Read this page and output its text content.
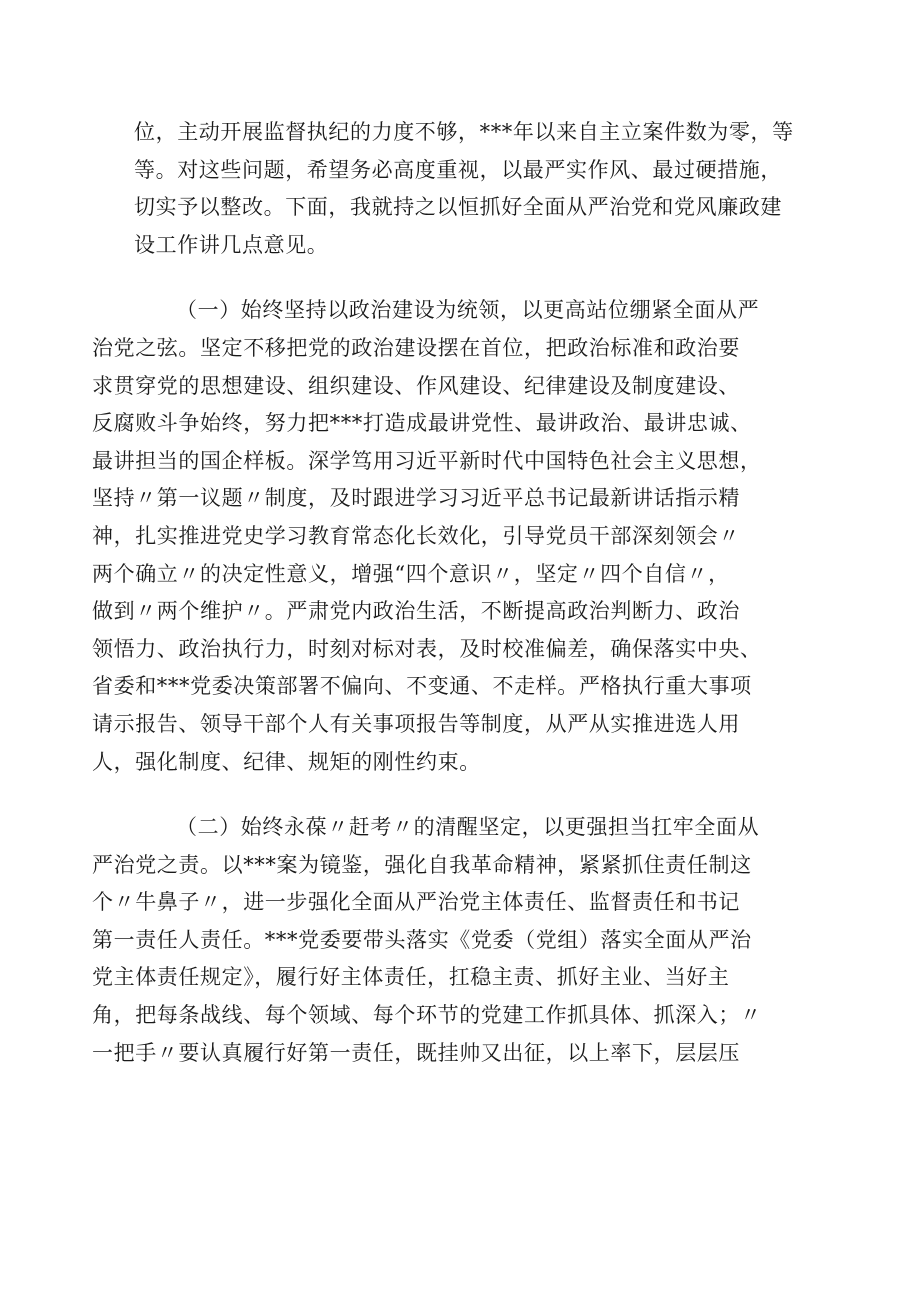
位，主动开展监督执纪的力度不够，***年以来自主立案件数为零，等
等。对这些问题，希望务必高度重视，以最严实作风、最过硬措施，
切实予以整改。下面，我就持之以恒抓好全面从严治党和党风廉政建
设工作讲几点意见。

（一）始终坚持以政治建设为统领，以更高站位绷紧全面从严
治党之弦。坚定不移把党的政治建设摆在首位，把政治标准和政治要
求贯穿党的思想建设、组织建设、作风建设、纪律建设及制度建设、
反腐败斗争始终，努力把***打造成最讲党性、最讲政治、最讲忠诚、
最讲担当的国企样板。深学笃用习近平新时代中国特色社会主义思想，
坚持〃第一议题〃制度，及时跟进学习习近平总书记最新讲话指示精
神，扎实推进党史学习教育常态化长效化，引导党员干部深刻领会〃
两个确立〃的决定性意义，增强“四个意识〃，坚定〃四个自信〃，
做到〃两个维护〃。严肃党内政治生活，不断提高政治判断力、政治
领悟力、政治执行力，时刻对标对表，及时校准偏差，确保落实中央、
省委和***党委决策部署不偏向、不变通、不走样。严格执行重大事项
请示报告、领导干部个人有关事项报告等制度，从严从实推进选人用
人，强化制度、纪律、规矩的刚性约束。

（二）始终永葆〃赶考〃的清醒坚定，以更强担当扛牢全面从
严治党之责。以***案为镜鉴，强化自我革命精神，紧紧抓住责任制这
个〃牛鼻子〃，进一步强化全面从严治党主体责任、监督责任和书记
第一责任人责任。***党委要带头落实《党委（党组）落实全面从严治
党主体责任规定》，履行好主体责任，扛稳主责、抓好主业、当好主
角，把每条战线、每个领域、每个环节的党建工作抓具体、抓深入；〃
一把手〃要认真履行好第一责任，既挂帅又出征，以上率下，层层压
